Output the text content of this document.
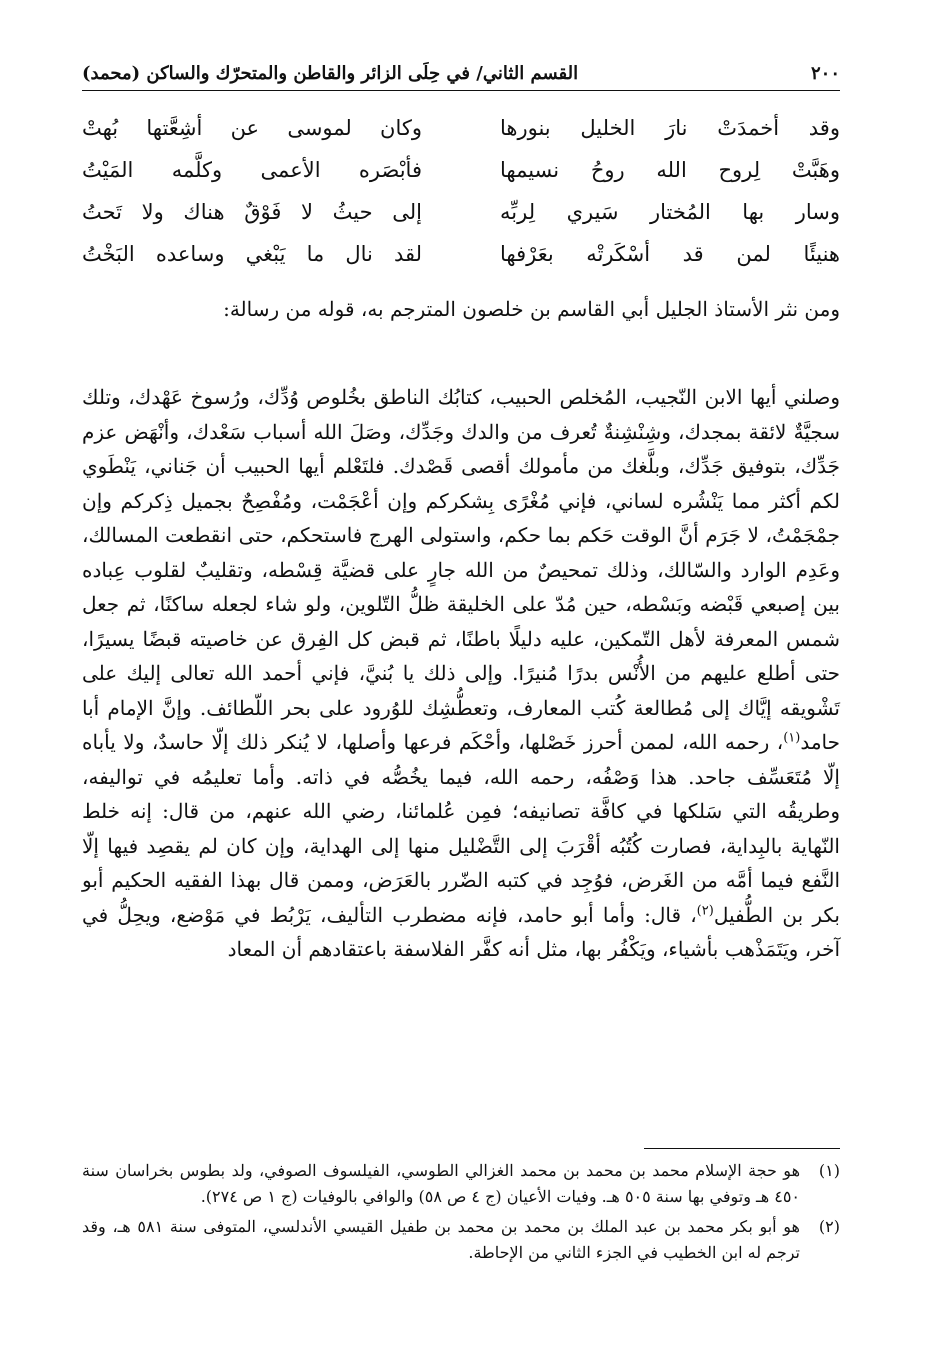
٢٠٠
القسم الثاني/ في حِلَى الزائر والقاطن والمتحرّك والساكن (محمد)
وقد أخمدَتْ نارَ الخليل بنورها
وكان لموسى عن أشِعَّتها بُهتْ
وهَبَّتْ لِروح الله روحُ نسيمها
فأبْصَره الأعمى وكلَّمه المَيْتُ
وسار بها المُختار سَيري لِربِّه
إلى حيثُ لا فَوْقٌ هناك ولا تَحتُ
هنيئًا لمن قد أسْكَرتْه بعَرْفها
لقد نال ما يَبْغي وساعده البَخْتُ

ومن نثر الأستاذ الجليل أبي القاسم بن خلصون المترجم به، قوله من رسالة:

وصلني أيها الابن النّجيب، المُخلص الحبيب، كتابُك الناطق بخُلوص وُدِّك، ورُسوخ عَهْدك، وتلك سجيَّةٌ لائقة بمجدك، وشِنْشِنةٌ تُعرف من والدك وجَدِّك، وصَلَ الله أسباب سَعْدك، وأنْهَض عزم جَدِّك، بتوفيق جَدِّك، وبلَّغك من مأمولك أقصى قَصْدك. فلتَعْلم أيها الحبيب أن جَناني، يَنْطَوي لكم أكثر مما يَنْشُره لساني، فإني مُغْرًى بِشكركم وإن أعْجَمْت، ومُفْصِحٌ بجميل ذِكركم وإن جمْجَمْتُ، لا جَرَم أنَّ الوقت حَكم بما حكم، واستولى الهرج فاستحكم، حتى انقطعت المسالك، وعَدِم الوارد والسّالك، وذلك تمحيصٌ من الله جارٍ على قضيَّة قِسْطه، وتقليبٌ لقلوب عِباده بين إصبعي قَبْضه وبَسْطه، حين مُدّ على الخليقة ظلُّ التّلوين، ولو شاء لجعله ساكنًا، ثم جعل شمس المعرفة لأهل التّمكين، عليه دليلًا باطنًا، ثم قبض كل الفِرق عن خاصيته قبضًا يسيرًا، حتى أطلع عليهم من الأُنْس بدرًا مُنيرًا. وإلى ذلك يا بُنيَّ، فإني أحمد الله تعالى إليك على تَشْويقه إيَّاك إلى مُطالعة كُتب المعارف، وتعطُّشِك للوُرود على بحر اللّطائف. وإنَّ الإمام أبا حامد$^{(١)}$، رحمه الله، لممن أحرز خَصْلها، وأحْكَم فرعها وأصلها، لا يُنكر ذلك إلّا حاسدٌ، ولا يأباه إلّا مُتَعَسِّف جاحد. هذا وَصْفُه، رحمه الله، فيما يخُصُّه في ذاته. وأما تعليمُه في تواليفه، وطريقُه التي سَلكها في كافَّة تصانيفه؛ فمِن عُلمائنا، رضي الله عنهم، من قال: إنه خلط النّهاية بالبِداية، فصارت كُتُبُه أقْرَبَ إلى التَّضْليل منها إلى الهداية، وإن كان لم يقصِد فيها إلّا النَّفع فيما أمَّه من الغَرض، فوُجِد في كتبه الضّرر بالعَرَض، وممن قال بهذا الفقيه الحكيم أبو بكر بن الطُّفيل$^{(٢)}$، قال: وأما أبو حامد، فإنه مضطرب التأليف، يَرْبُط في مَوْضع، ويحِلُّ في آخر، ويَتَمَذْهب بأشياء، ويَكْفُر بها، مثل أنه كفَّر الفلاسفة باعتقادهم أن المعاد

(١)
هو حجة الإسلام محمد بن محمد بن محمد الغزالي الطوسي، الفيلسوف الصوفي، ولد بطوس بخراسان سنة ٤٥٠ هـ وتوفي بها سنة ٥٠٥ هـ. وفيات الأعيان (ج ٤ ص ٥٨) والوافي بالوفيات (ج ١ ص ٢٧٤).
(٢)
هو أبو بكر محمد بن عبد الملك بن محمد بن محمد بن طفيل القيسي الأندلسي، المتوفى سنة ٥٨١ هـ، وقد ترجم له ابن الخطيب في الجزء الثاني من الإحاطة.
